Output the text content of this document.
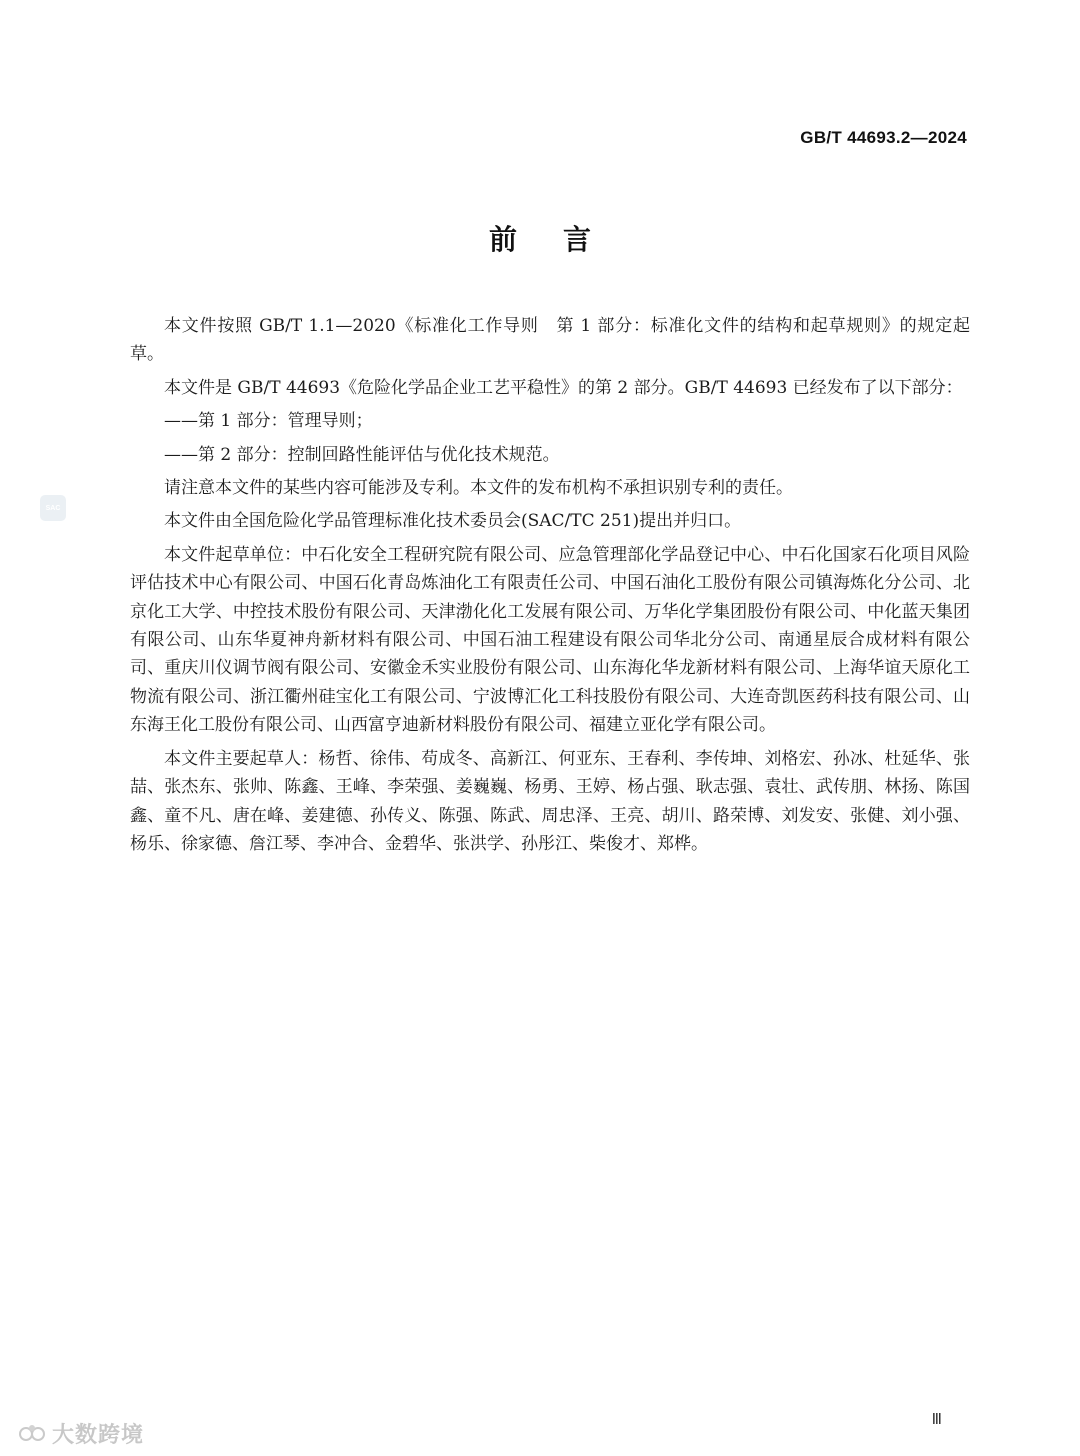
GB/T 44693.2—2024
前言
SAC

本文件按照 GB/T 1.1—2020《标准化工作导则　第 1 部分：标准化文件的结构和起草规则》的规定起草。

本文件是 GB/T 44693《危险化学品企业工艺平稳性》的第 2 部分。GB/T 44693 已经发布了以下部分：

——第 1 部分：管理导则；

——第 2 部分：控制回路性能评估与优化技术规范。

请注意本文件的某些内容可能涉及专利。本文件的发布机构不承担识别专利的责任。

本文件由全国危险化学品管理标准化技术委员会(SAC/TC 251)提出并归口。

本文件起草单位：中石化安全工程研究院有限公司、应急管理部化学品登记中心、中石化国家石化项目风险评估技术中心有限公司、中国石化青岛炼油化工有限责任公司、中国石油化工股份有限公司镇海炼化分公司、北京化工大学、中控技术股份有限公司、天津渤化化工发展有限公司、万华化学集团股份有限公司、中化蓝天集团有限公司、山东华夏神舟新材料有限公司、中国石油工程建设有限公司华北分公司、南通星辰合成材料有限公司、重庆川仪调节阀有限公司、安徽金禾实业股份有限公司、山东海化华龙新材料有限公司、上海华谊天原化工物流有限公司、浙江衢州硅宝化工有限公司、宁波博汇化工科技股份有限公司、大连奇凯医药科技有限公司、山东海王化工股份有限公司、山西富亨迪新材料股份有限公司、福建立亚化学有限公司。

本文件主要起草人：杨哲、徐伟、苟成冬、高新江、何亚东、王春利、李传坤、刘格宏、孙冰、杜延华、张喆、张杰东、张帅、陈鑫、王峰、李荣强、姜巍巍、杨勇、王婷、杨占强、耿志强、袁壮、武传朋、林扬、陈国鑫、童不凡、唐在峰、姜建德、孙传义、陈强、陈武、周忠泽、王亮、胡川、路荣博、刘发安、张健、刘小强、杨乐、徐家德、詹江琴、李冲合、金碧华、张洪学、孙彤江、柴俊才、郑桦。

Ⅲ
大数跨境
